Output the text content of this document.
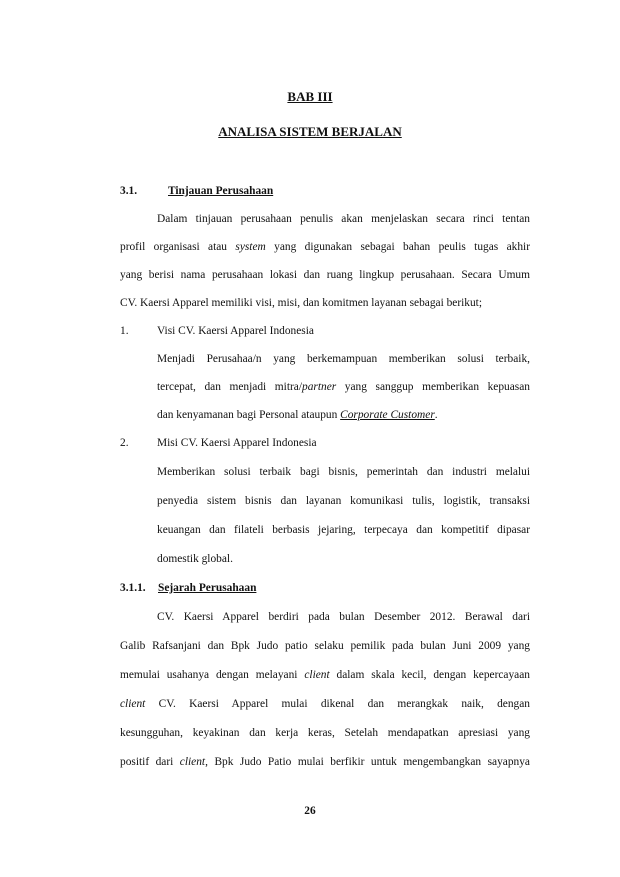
BAB III
ANALISA SISTEM BERJALAN
3.1.	Tinjauan Perusahaan
Dalam tinjauan perusahaan penulis akan menjelaskan secara rinci tentan
profil organisasi atau system yang digunakan sebagai bahan peulis tugas akhir
yang berisi nama perusahaan lokasi dan ruang lingkup perusahaan. Secara Umum
CV. Kaersi Apparel memiliki visi, misi, dan komitmen layanan sebagai berikut;
1. Visi CV. Kaersi Apparel Indonesia
Menjadi Perusahaa/n yang berkemampuan memberikan solusi terbaik,
tercepat, dan menjadi mitra/partner yang sanggup memberikan kepuasan
dan kenyamanan bagi Personal ataupun Corporate Customer.
2. Misi CV. Kaersi Apparel Indonesia
Memberikan solusi terbaik bagi bisnis, pemerintah dan industri melalui
penyedia sistem bisnis dan layanan komunikasi tulis, logistik, transaksi
keuangan dan filateli berbasis jejaring, terpecaya dan kompetitif dipasar
domestik global.
3.1.1. Sejarah Perusahaan
CV. Kaersi Apparel berdiri pada bulan Desember 2012. Berawal dari
Galib Rafsanjani dan Bpk Judo patio selaku pemilik pada bulan Juni 2009 yang
memulai usahanya dengan melayani client dalam skala kecil, dengan kepercayaan
client CV. Kaersi Apparel mulai dikenal dan merangkak naik, dengan
kesungguhan, keyakinan dan kerja keras, Setelah mendapatkan apresiasi yang
positif dari client, Bpk Judo Patio mulai berfikir untuk mengembangkan sayapnya
26
